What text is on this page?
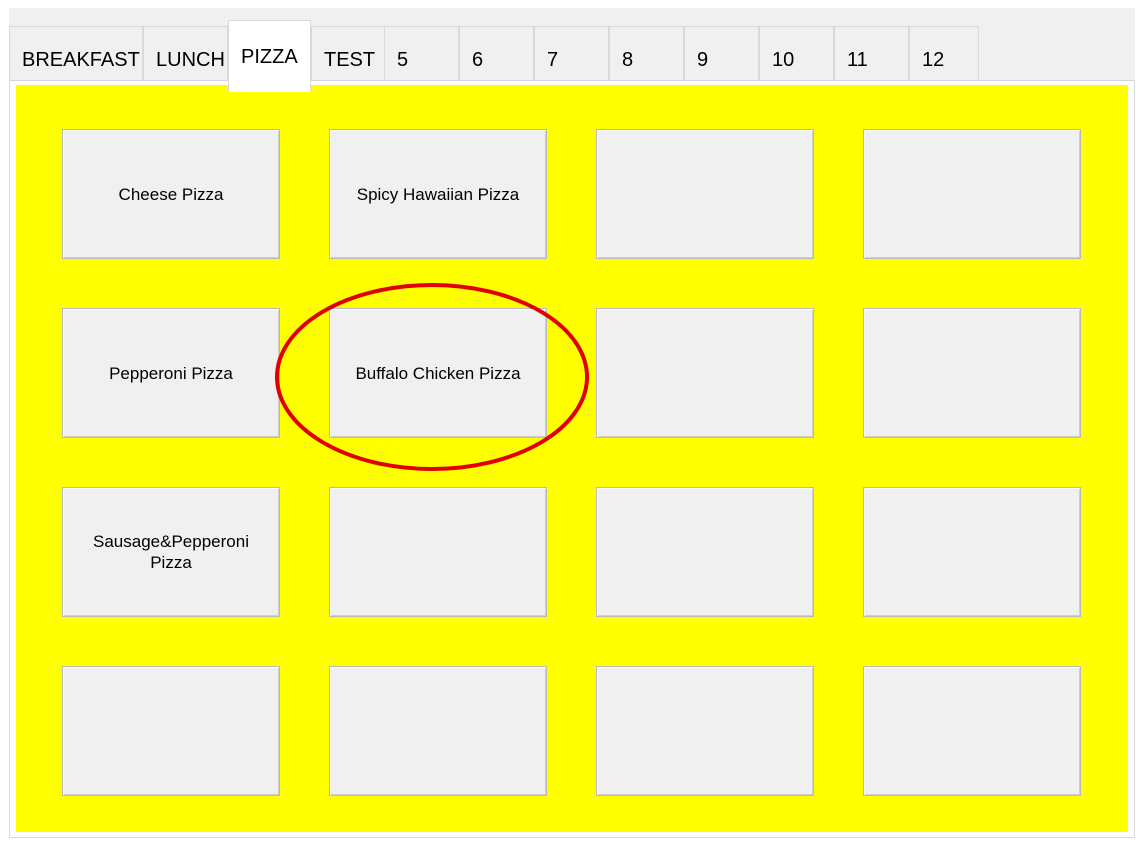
BREAKFAST LUNCH PIZZA TEST 5	6	7	8	9	10	11	12
Cheese Pizza	Spicy Hawaiian Pizza
Pepperoni Pizza	Buffalo Chicken Pizza
Sausage&Pepperoni Pizza
